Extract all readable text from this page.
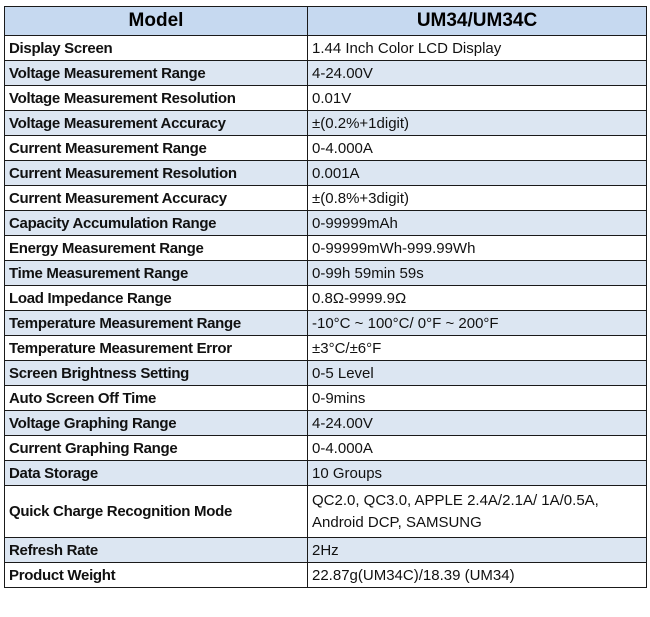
Model	UM34/UM34C
Display Screen	1.44 Inch Color LCD Display
Voltage Measurement Range	4-24.00V
Voltage Measurement Resolution	0.01V
Voltage Measurement Accuracy	±(0.2%+1digit)
Current Measurement Range	0-4.000A
Current Measurement Resolution	0.001A
Current Measurement Accuracy	±(0.8%+3digit)
Capacity Accumulation Range	0-99999mAh
Energy Measurement Range	0-99999mWh-999.99Wh
Time Measurement Range	0-99h 59min 59s
Load Impedance Range	0.8Ω-9999.9Ω
Temperature Measurement Range	-10°C ~ 100°C/ 0°F ~ 200°F
Temperature Measurement Error	±3°C/±6°F
Screen Brightness Setting	0-5 Level
Auto Screen Off Time	0-9mins
Voltage Graphing Range	4-24.00V
Current Graphing Range	0-4.000A
Data Storage	10 Groups
Quick Charge Recognition Mode	QC2.0, QC3.0, APPLE 2.4A/2.1A/ 1A/0.5A, Android DCP, SAMSUNG
Refresh Rate	2Hz
Product Weight	22.87g(UM34C)/18.39 (UM34)
